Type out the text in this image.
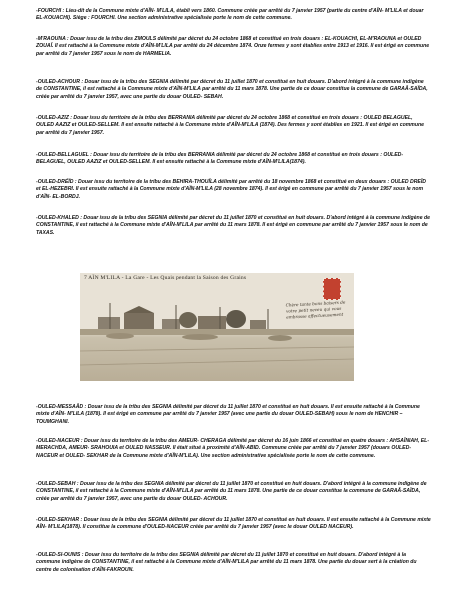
-FOURCHI : Lieu-dit de la Commune mixte d'AÏN- M'LILA, établi vers 1860. Commune créée par arrêté du 7 janvier 1957 (partie du centre d'AÏN- M'LILA et douar EL-KOUACHI). Siège : FOURCHI. Une section administrative spécialisée porte le nom de cette commune.

-M'RAOUNA : Douar issu de la tribu des ZMOULS délimité par décret du 24 octobre 1868 et constitué en trois douars : EL-KOUACHI, EL-M'RAOUNA et OULED ZOUAÏ. Il est rattaché à la Commune mixte d'AÏN-M'LILA par arrêté du 24 décembre 1874. Onze fermes y sont établies entre 1913 et 1916. Il est érigé en commune par arrêté du 7 janvier 1957 sous le nom de HARMELIA.

-OULED-ACHOUR : Douar issu de la tribu des SEGNIA délimité par décret du 11 juillet 1870 et constitué en huit douars. D'abord intégré à la commune indigène de CONSTANTINE, il est rattaché à la Commune mixte d'AÏN-M'LILA par arrêté du 11 mars 1878. Une partie de ce douar constitue la commune de GARAÂ-SAÏDA, créée par arrêté du 7 janvier 1957, avec une partie du douar OULED- SEBAH.

-OULED-AZIZ : Douar issu du territoire de la tribu des BERRANIA délimité par décret du 24 octobre 1868 et constitué en trois douars : OULED BELAGUEL, OULED AAZIZ et OULED-SELLEM. Il est ensuite rattaché à la Commune mixte d'AÏN-M'LILA (1874). Des fermes y sont établies en 1921. Il est érigé en commune par arrêté du 7 janvier 1957.

-OULED-BELLAGUEL : Douar issu du territoire de la tribu des BERRANIA délimité par décret du 24 octobre 1868 et constitué en trois douars : OULED-BELAGUEL, OULED AAZIZ et OULED-SELLEM. Il est ensuite rattaché à la Commune mixte d'AÏN-M'LILA(1874).

-OULED-DRÉÏD : Douar issu du territoire de la tribu des BEHIRA-THOUÏLA délimité par arrêté du 18 novembre 1868 et constitué en deux douars : OULED DREÏD et EL-HEZEBRI. Il est ensuite rattaché à la Commune mixte d'AÏN-M'LILA (28 novembre 1874). Il est érigé en commune par arrêté du 7 janvier 1957 sous le nom d'AÏN- EL-BORDJ.

-OULED-KHALED : Douar issu de la tribu des SEGNIA délimité par décret du 11 juillet 1870 et constitué en huit douars. D'abord intégré à la commune indigène de CONSTANTINE, il est rattaché à la Commune mixte d'AÏN-M'LILA par arrêté du 11 mars 1878. Il est érigé en commune par arrêté du 7 janvier 1957 sous le nom de TAXAS.

7 AÏN M'LILA - La Gare - Les Quais pendant la Saison des Grains
Chère tante bons baisers de votre petit neveu qui vous embrasse affectueusement

-OULED-MESSAÂD : Douar issu de la tribu des SEGNIA délimité par décret du 11 juillet 1870 et constitué en huit douars. Il est ensuite rattaché à la Commune mixte d'AÏN- M'LILA (1878). Il est érigé en commune par arrêté du 7 janvier 1957 (avec une partie du douar OULED-SEBAH) sous le nom de HENCHIR –TOUMGHANI.

-OULED-NACEUR : Douar issu du territoire de la tribu des AMEUR- CHERAGA délimité par décret du 16 juin 1866 et constitué en quatre douars : AHSAÏNIAH, EL-MERACHDA, AMEUR- SRAHOUIA et OULED NASSEUR. Il était situé à proximité d'AÏN-ABID. Commune créée par arrêté du 7 janvier 1957 (douars OULED-NACEUR et OULED- SEKHAR de la Commune mixte d'AÏN-M'LILA). Une section administrative spécialisée porte le nom de cette commune.

-OULED-SEBAH : Douar issu de la tribu des SEGNIA délimité par décret du 11 juillet 1870 et constitué en huit douars. D'abord intégré à la commune indigène de CONSTANTINE, il est rattaché à la Commune mixte d'AÏN-M'LILA par arrêté du 11 mars 1878. Une partie de ce douar constitue la commune de GARAÂ-SAÏDA, créée par arrêté du 7 janvier 1957, avec une partie du douar OULED- ACHOUR.

-OULED-SEKHAR : Douar issu de la tribu des SEGNIA délimité par décret du 11 juillet 1870 et constitué en huit douars. Il est ensuite rattaché à la Commune mixte AÏN- M'LILA(1878). Il constitue la commune d'OULED-NACEUR créée par arrêté du 7 janvier 1957 (avec le douar OULED NACEUR).

-OULED-SI-OUNIS : Douar issu du territoire de la tribu des SEGNIA délimité par décret du 11 juillet 1870 et constitué en huit douars. D'abord intégré à la commune indigène de CONSTANTINE, il est rattaché à la Commune mixte d'AÏN-M'LILA par arrêté du 11 mars 1878. Une partie du douar sert à la création du centre de colonisation d'AÏN-FAKROUN.
